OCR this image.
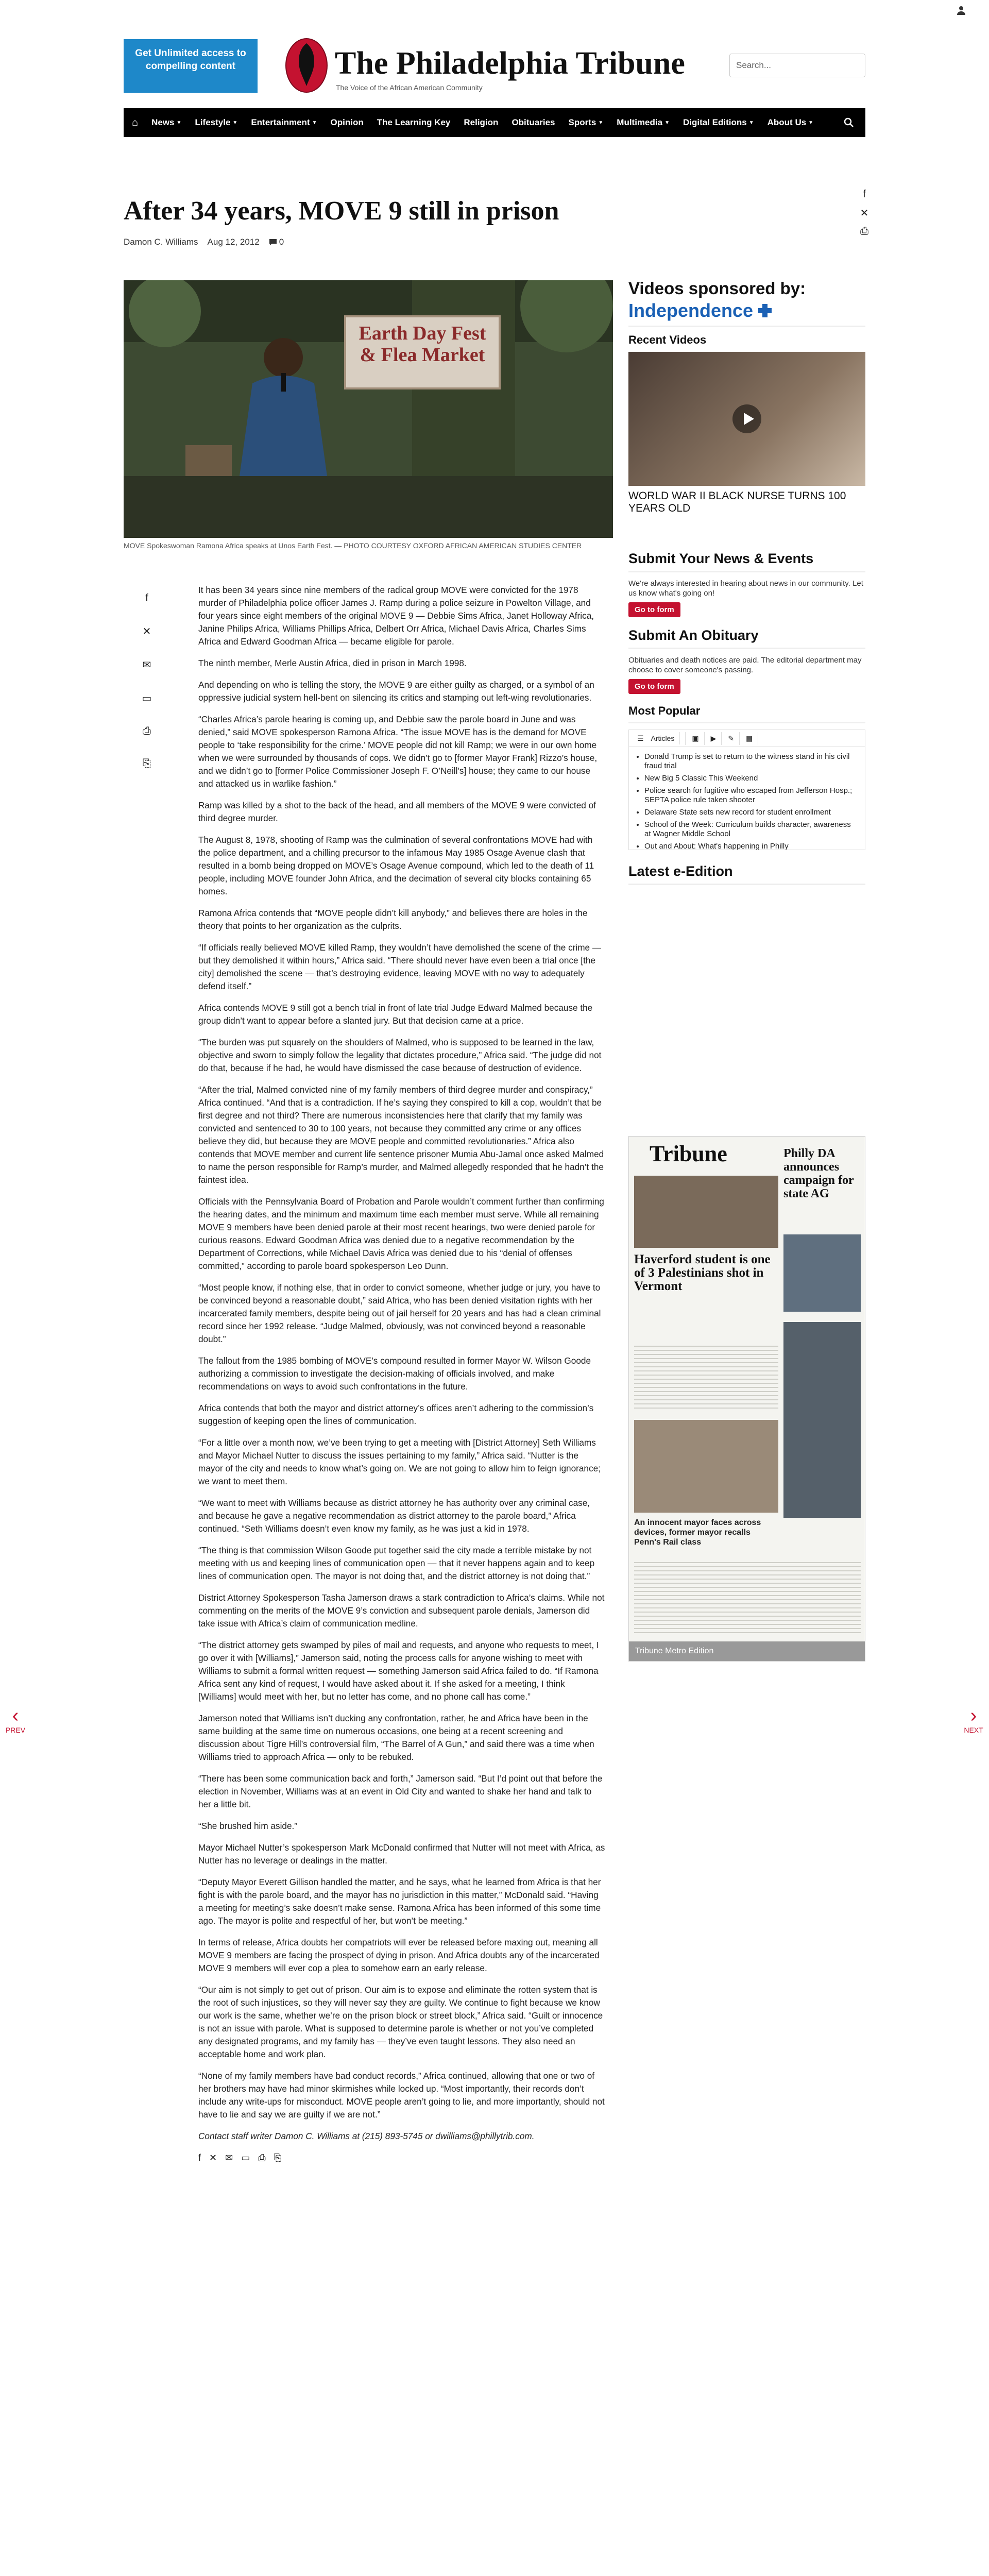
Get Unlimited access to compelling content	The Philadelphia Tribune
The Voice of the African American Community
Search...
⌂ News ▼ Lifestyle ▼ Entertainment ▼ Opinion The Learning Key Religion Obituaries Sports ▼ Multimedia ▼ Digital Editions ▼ About Us ▼
After 34 years, MOVE 9 still in prison
Damon C. Williams Aug 12, 2012 0
f
✕
⎙
Earth Day Fest & Flea Market
MOVE Spokeswoman Ramona Africa speaks at Unos Earth Fest. — PHOTO COURTESY OXFORD AFRICAN AMERICAN STUDIES CENTER
f
✕
✉
▭
⎙
⎘

It has been 34 years since nine members of the radical group MOVE were convicted for the 1978 murder of Philadelphia police officer James J. Ramp during a police seizure in Powelton Village, and four years since eight members of the original MOVE 9 — Debbie Sims Africa, Janet Holloway Africa, Janine Philips Africa, Williams Phillips Africa, Delbert Orr Africa, Michael Davis Africa, Charles Sims Africa and Edward Goodman Africa — became eligible for parole.

The ninth member, Merle Austin Africa, died in prison in March 1998.

And depending on who is telling the story, the MOVE 9 are either guilty as charged, or a symbol of an oppressive judicial system hell-bent on silencing its critics and stamping out left-wing revolutionaries.

“Charles Africa’s parole hearing is coming up, and Debbie saw the parole board in June and was denied,” said MOVE spokesperson Ramona Africa. “The issue MOVE has is the demand for MOVE people to ‘take responsibility for the crime.’ MOVE people did not kill Ramp; we were in our own home when we were surrounded by thousands of cops. We didn’t go to [former Mayor Frank] Rizzo’s house, and we didn’t go to [former Police Commissioner Joseph F. O’Neill’s] house; they came to our house and attacked us in warlike fashion.”

Ramp was killed by a shot to the back of the head, and all members of the MOVE 9 were convicted of third degree murder.

The August 8, 1978, shooting of Ramp was the culmination of several confrontations MOVE had with the police department, and a chilling precursor to the infamous May 1985 Osage Avenue clash that resulted in a bomb being dropped on MOVE’s Osage Avenue compound, which led to the death of 11 people, including MOVE founder John Africa, and the decimation of several city blocks containing 65 homes.

Ramona Africa contends that “MOVE people didn’t kill anybody,” and believes there are holes in the theory that points to her organization as the culprits.

“If officials really believed MOVE killed Ramp, they wouldn’t have demolished the scene of the crime — but they demolished it within hours,” Africa said. “There should never have even been a trial once [the city] demolished the scene — that’s destroying evidence, leaving MOVE with no way to adequately defend itself.”

Africa contends MOVE 9 still got a bench trial in front of late trial Judge Edward Malmed because the group didn’t want to appear before a slanted jury. But that decision came at a price.

“The burden was put squarely on the shoulders of Malmed, who is supposed to be learned in the law, objective and sworn to simply follow the legality that dictates procedure,” Africa said. “The judge did not do that, because if he had, he would have dismissed the case because of destruction of evidence.

“After the trial, Malmed convicted nine of my family members of third degree murder and conspiracy,” Africa continued. “And that is a contradiction. If he’s saying they conspired to kill a cop, wouldn’t that be first degree and not third? There are numerous inconsistencies here that clarify that my family was convicted and sentenced to 30 to 100 years, not because they committed any crime or any offices believe they did, but because they are MOVE people and committed revolutionaries.” Africa also contends that MOVE member and current life sentence prisoner Mumia Abu-Jamal once asked Malmed to name the person responsible for Ramp’s murder, and Malmed allegedly responded that he hadn’t the faintest idea.

Officials with the Pennsylvania Board of Probation and Parole wouldn’t comment further than confirming the hearing dates, and the minimum and maximum time each member must serve. While all remaining MOVE 9 members have been denied parole at their most recent hearings, two were denied parole for curious reasons. Edward Goodman Africa was denied due to a negative recommendation by the Department of Corrections, while Michael Davis Africa was denied due to his “denial of offenses committed,” according to parole board spokesperson Leo Dunn.

“Most people know, if nothing else, that in order to convict someone, whether judge or jury, you have to be convinced beyond a reasonable doubt,” said Africa, who has been denied visitation rights with her incarcerated family members, despite being out of jail herself for 20 years and has had a clean criminal record since her 1992 release. “Judge Malmed, obviously, was not convinced beyond a reasonable doubt.”

The fallout from the 1985 bombing of MOVE’s compound resulted in former Mayor W. Wilson Goode authorizing a commission to investigate the decision-making of officials involved, and make recommendations on ways to avoid such confrontations in the future.

Africa contends that both the mayor and district attorney’s offices aren’t adhering to the commission’s suggestion of keeping open the lines of communication.

“For a little over a month now, we’ve been trying to get a meeting with [District Attorney] Seth Williams and Mayor Michael Nutter to discuss the issues pertaining to my family,” Africa said. “Nutter is the mayor of the city and needs to know what’s going on. We are not going to allow him to feign ignorance; we want to meet them.

“We want to meet with Williams because as district attorney he has authority over any criminal case, and because he gave a negative recommendation as district attorney to the parole board,” Africa continued. “Seth Williams doesn’t even know my family, as he was just a kid in 1978.

“The thing is that commission Wilson Goode put together said the city made a terrible mistake by not meeting with us and keeping lines of communication open — that it never happens again and to keep lines of communication open. The mayor is not doing that, and the district attorney is not doing that.”

District Attorney Spokesperson Tasha Jamerson draws a stark contradiction to Africa’s claims. While not commenting on the merits of the MOVE 9’s conviction and subsequent parole denials, Jamerson did take issue with Africa’s claim of communication medline.

“The district attorney gets swamped by piles of mail and requests, and anyone who requests to meet, I go over it with [Williams],” Jamerson said, noting the process calls for anyone wishing to meet with Williams to submit a formal written request — something Jamerson said Africa failed to do. “If Ramona Africa sent any kind of request, I would have asked about it. If she asked for a meeting, I think [Williams] would meet with her, but no letter has come, and no phone call has come.”

Jamerson noted that Williams isn’t ducking any confrontation, rather, he and Africa have been in the same building at the same time on numerous occasions, one being at a recent screening and discussion about Tigre Hill’s controversial film, “The Barrel of A Gun,” and said there was a time when Williams tried to approach Africa — only to be rebuked.

“There has been some communication back and forth,” Jamerson said. “But I’d point out that before the election in November, Williams was at an event in Old City and wanted to shake her hand and talk to her a little bit.

“She brushed him aside.”

Mayor Michael Nutter’s spokesperson Mark McDonald confirmed that Nutter will not meet with Africa, as Nutter has no leverage or dealings in the matter.

“Deputy Mayor Everett Gillison handled the matter, and he says, what he learned from Africa is that her fight is with the parole board, and the mayor has no jurisdiction in this matter,” McDonald said. “Having a meeting for meeting’s sake doesn’t make sense. Ramona Africa has been informed of this some time ago. The mayor is polite and respectful of her, but won’t be meeting.”

In terms of release, Africa doubts her compatriots will ever be released before maxing out, meaning all MOVE 9 members are facing the prospect of dying in prison. And Africa doubts any of the incarcerated MOVE 9 members will ever cop a plea to somehow earn an early release.

“Our aim is not simply to get out of prison. Our aim is to expose and eliminate the rotten system that is the root of such injustices, so they will never say they are guilty. We continue to fight because we know our work is the same, whether we’re on the prison block or street block,” Africa said. “Guilt or innocence is not an issue with parole. What is supposed to determine parole is whether or not you’ve completed any designated programs, and my family has — they’ve even taught lessons. They also need an acceptable home and work plan.

“None of my family members have bad conduct records,” Africa continued, allowing that one or two of her brothers may have had minor skirmishes while locked up. “Most importantly, their records don’t include any write-ups for misconduct. MOVE people aren’t going to lie, and more importantly, should not have to lie and say we are guilty if we are not.”

Contact staff writer Damon C. Williams at (215) 893-5745 or dwilliams@phillytrib.com.

f ✕ ✉ ▭ ⎙ ⎘
Videos sponsored by:
Independence
Recent Videos
WORLD WAR II BLACK NURSE TURNS 100 YEARS OLD
Submit Your News & Events
We're always interested in hearing about news in our community. Let us know what's going on!
Go to form
Submit An Obituary
Obituaries and death notices are paid. The editorial department may choose to cover someone's passing.
Go to form
Most Popular
☰ Articles	▣	▶	✎	▤
• Donald Trump is set to return to the witness stand in his civil fraud trial
• New Big 5 Classic This Weekend
• Police search for fugitive who escaped from Jefferson Hosp.; SEPTA police rule taken shooter
• Delaware State sets new record for student enrollment
• School of the Week: Curriculum builds character, awareness at Wagner Middle School
• Out and About: What's happening in Philly
Latest e-Edition
Tribune	Philly DA announces campaign for state AG
Haverford student is one of 3 Palestinians shot in Vermont
An innocent mayor faces across devices, former mayor recalls Penn's Rail class
Tribune Metro Edition
‹
PREV
›
NEXT
